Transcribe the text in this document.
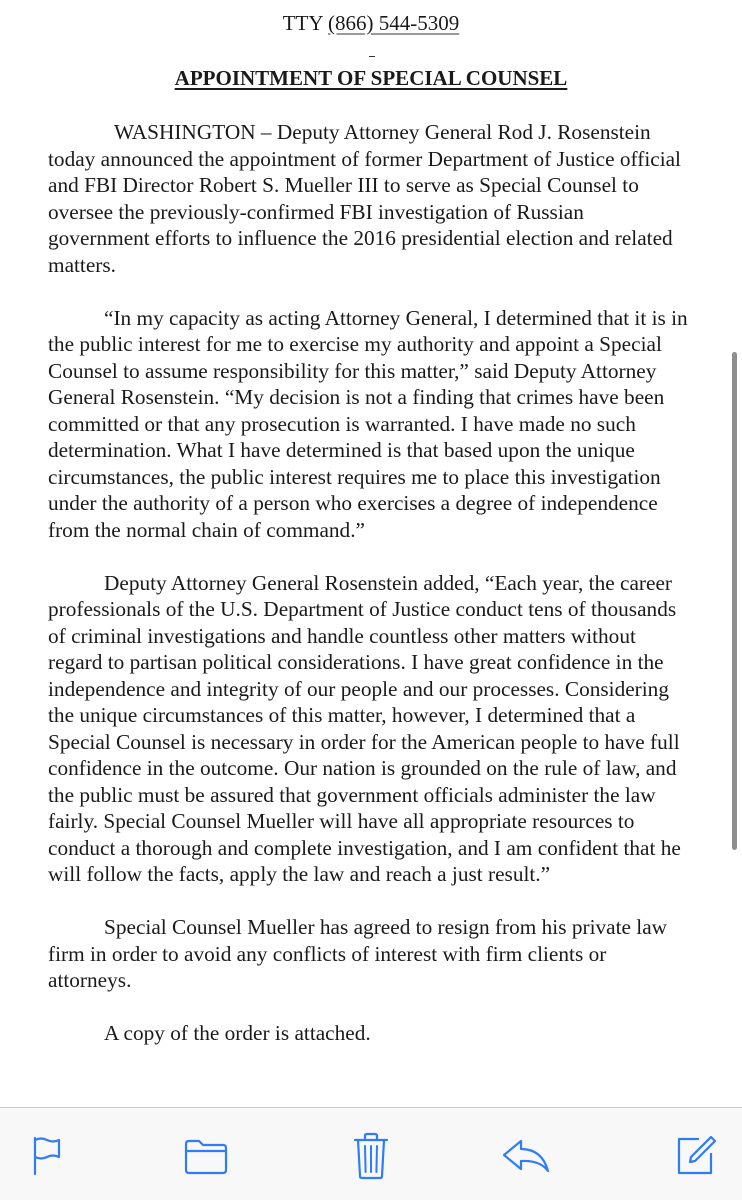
TTY (866) 544-5309
APPOINTMENT OF SPECIAL COUNSEL

WASHINGTON – Deputy Attorney General Rod J. Rosenstein today announced the appointment of former Department of Justice official and FBI Director Robert S. Mueller III to serve as Special Counsel to oversee the previously-confirmed FBI investigation of Russian government efforts to influence the 2016 presidential election and related matters.

“In my capacity as acting Attorney General, I determined that it is in the public interest for me to exercise my authority and appoint a Special Counsel to assume responsibility for this matter,” said Deputy Attorney General Rosenstein. “My decision is not a finding that crimes have been committed or that any prosecution is warranted. I have made no such determination. What I have determined is that based upon the unique circumstances, the public interest requires me to place this investigation under the authority of a person who exercises a degree of independence from the normal chain of command.”

Deputy Attorney General Rosenstein added, “Each year, the career professionals of the U.S. Department of Justice conduct tens of thousands of criminal investigations and handle countless other matters without regard to partisan political considerations. I have great confidence in the independence and integrity of our people and our processes. Considering the unique circumstances of this matter, however, I determined that a Special Counsel is necessary in order for the American people to have full confidence in the outcome. Our nation is grounded on the rule of law, and the public must be assured that government officials administer the law fairly. Special Counsel Mueller will have all appropriate resources to conduct a thorough and complete investigation, and I am confident that he will follow the facts, apply the law and reach a just result.”

Special Counsel Mueller has agreed to resign from his private law firm in order to avoid any conflicts of interest with firm clients or attorneys.

A copy of the order is attached.
